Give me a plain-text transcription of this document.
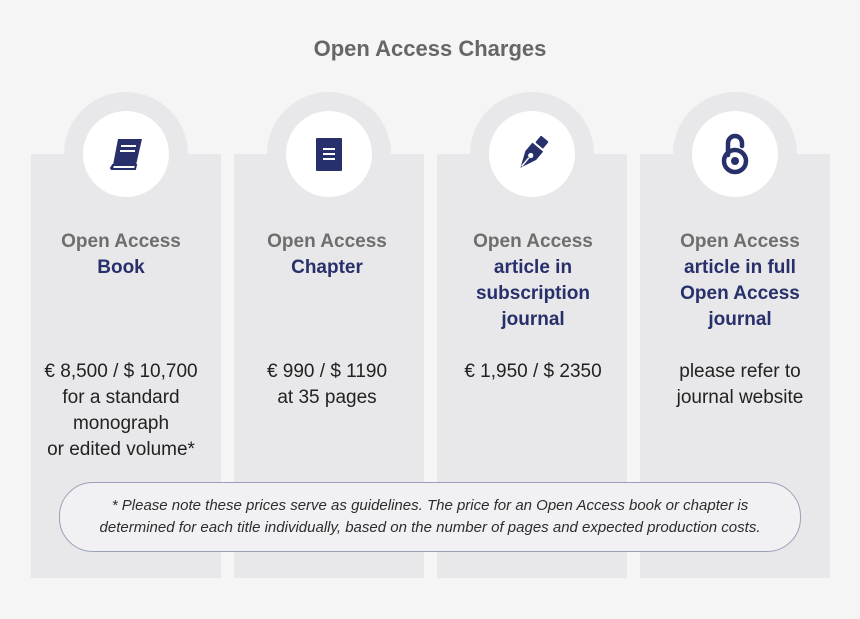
Open Access Charges
Open Access
Book
€ 8,500 / $ 10,700
for a standard
monograph
or edited volume*
Open Access
Chapter
€ 990 / $ 1190
at 35 pages
Open Access
article in
subscription
journal
€ 1,950 / $ 2350
Open Access
article in full
Open Access
journal
please refer to
journal website
* Please note these prices serve as guidelines. The price for an Open Access book or chapter is
determined for each title individually, based on the number of pages and expected production costs.
